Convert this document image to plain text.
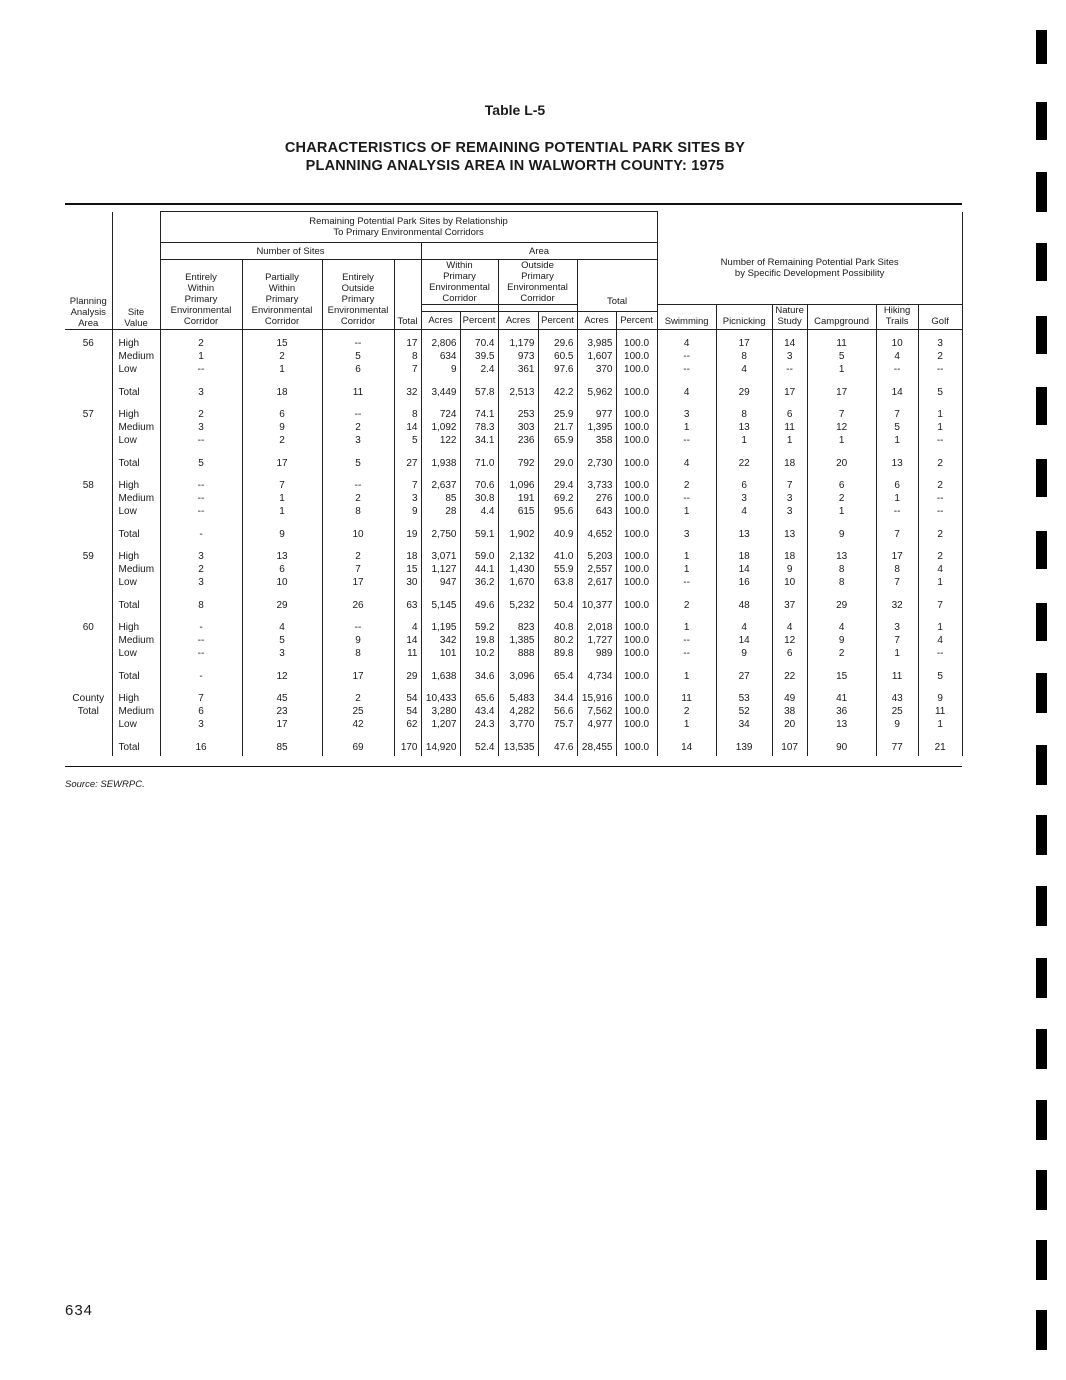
Table L-5
CHARACTERISTICS OF REMAINING POTENTIAL PARK SITES BY
PLANNING ANALYSIS AREA IN WALWORTH COUNTY: 1975
Planning
Analysis
Area	Site
Value	Remaining Potential Park Sites by Relationship
To Primary Environmental Corridors										Number of Remaining Potential Park Sites
by Specific Development Possibility					
		Number of Sites				Area											
						Within
Primary
Environmental
Corridor		Outside
Primary
Environmental
Corridor		Total							
		Entirely
Within
Primary
Environmental
Corridor	Partially
Within
Primary
Environmental
Corridor	Entirely
Outside
Primary
Environmental
Corridor	Total												
												Swimming	Picnicking	Nature
Study	Campground	Hiking
Trails	Golf
						Acres	Percent	Acres	Percent	Acres	Percent						
56	High	2	15	--	17	2,806	70.4	1,179	29.6	3,985	100.0	4	17	14	11	10	3
	Medium	1	2	5	8	634	39.5	973	60.5	1,607	100.0	--	8	3	5	4	2
	Low	--	1	6	7	9	2.4	361	97.6	370	100.0	--	4	--	1	--	--
	Total	3	18	11	32	3,449	57.8	2,513	42.2	5,962	100.0	4	29	17	17	14	5
57	High	2	6	--	8	724	74.1	253	25.9	977	100.0	3	8	6	7	7	1
	Medium	3	9	2	14	1,092	78.3	303	21.7	1,395	100.0	1	13	11	12	5	1
	Low	--	2	3	5	122	34.1	236	65.9	358	100.0	--	1	1	1	1	--
	Total	5	17	5	27	1,938	71.0	792	29.0	2,730	100.0	4	22	18	20	13	2
58	High	--	7	--	7	2,637	70.6	1,096	29.4	3,733	100.0	2	6	7	6	6	2
	Medium	--	1	2	3	85	30.8	191	69.2	276	100.0	--	3	3	2	1	--
	Low	--	1	8	9	28	4.4	615	95.6	643	100.0	1	4	3	1	--	--
	Total	-	9	10	19	2,750	59.1	1,902	40.9	4,652	100.0	3	13	13	9	7	2
59	High	3	13	2	18	3,071	59.0	2,132	41.0	5,203	100.0	1	18	18	13	17	2
	Medium	2	6	7	15	1,127	44.1	1,430	55.9	2,557	100.0	1	14	9	8	8	4
	Low	3	10	17	30	947	36.2	1,670	63.8	2,617	100.0	--	16	10	8	7	1
	Total	8	29	26	63	5,145	49.6	5,232	50.4	10,377	100.0	2	48	37	29	32	7
60	High	-	4	--	4	1,195	59.2	823	40.8	2,018	100.0	1	4	4	4	3	1
	Medium	--	5	9	14	342	19.8	1,385	80.2	1,727	100.0	--	14	12	9	7	4
	Low	--	3	8	11	101	10.2	888	89.8	989	100.0	--	9	6	2	1	--
	Total	-	12	17	29	1,638	34.6	3,096	65.4	4,734	100.0	1	27	22	15	11	5
County
Total	High	7	45	2	54	10,433	65.6	5,483	34.4	15,916	100.0	11	53	49	41	43	9
	Medium	6	23	25	54	3,280	43.4	4,282	56.6	7,562	100.0	2	52	38	36	25	11
	Low	3	17	42	62	1,207	24.3	3,770	75.7	4,977	100.0	1	34	20	13	9	1
	Total	16	85	69	170	14,920	52.4	13,535	47.6	28,455	100.0	14	139	107	90	77	21
Source: SEWRPC.
634
